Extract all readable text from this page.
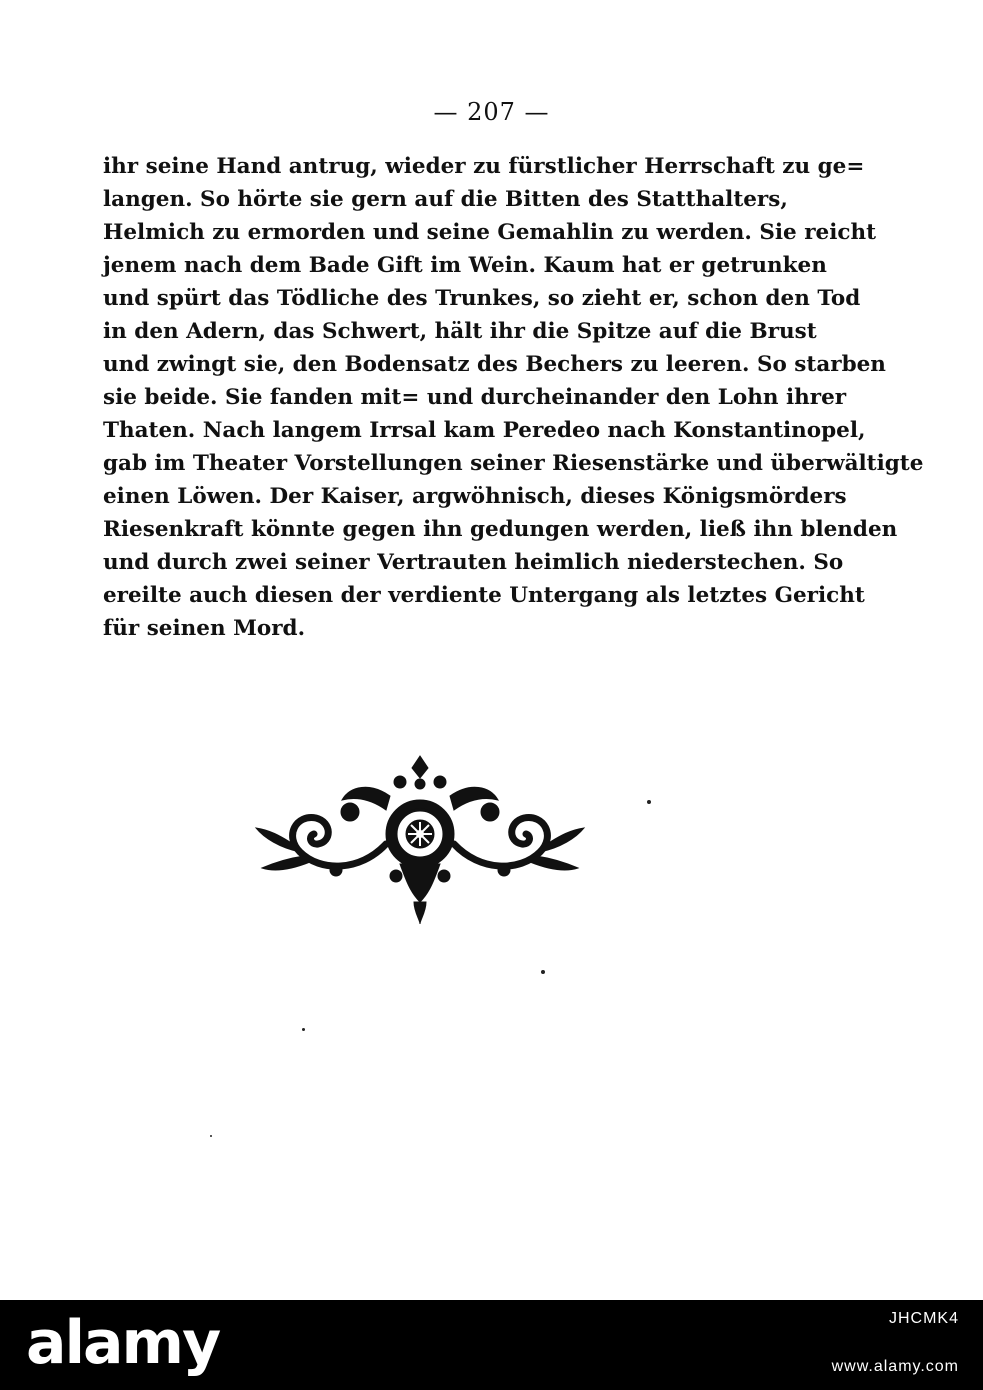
— 207 —
ihr seine Hand antrug, wieder zu fürstlicher Herrschaft zu ge=
langen. So hörte sie gern auf die Bitten des Statthalters,
Helmich zu ermorden und seine Gemahlin zu werden. Sie reicht
jenem nach dem Bade Gift im Wein. Kaum hat er getrunken
und spürt das Tödliche des Trunkes, so zieht er, schon den Tod
in den Adern, das Schwert, hält ihr die Spitze auf die Brust
und zwingt sie, den Bodensatz des Bechers zu leeren. So starben
sie beide. Sie fanden mit= und durcheinander den Lohn ihrer
Thaten. Nach langem Irrsal kam Peredeo nach Konstantinopel,
gab im Theater Vorstellungen seiner Riesenstärke und überwältigte
einen Löwen. Der Kaiser, argwöhnisch, dieses Königsmörders
Riesenkraft könnte gegen ihn gedungen werden, ließ ihn blenden
und durch zwei seiner Vertrauten heimlich niederstechen. So
ereilte auch diesen der verdiente Untergang als letztes Gericht
für seinen Mord.
alamy	JHCMK4
www.alamy.com
